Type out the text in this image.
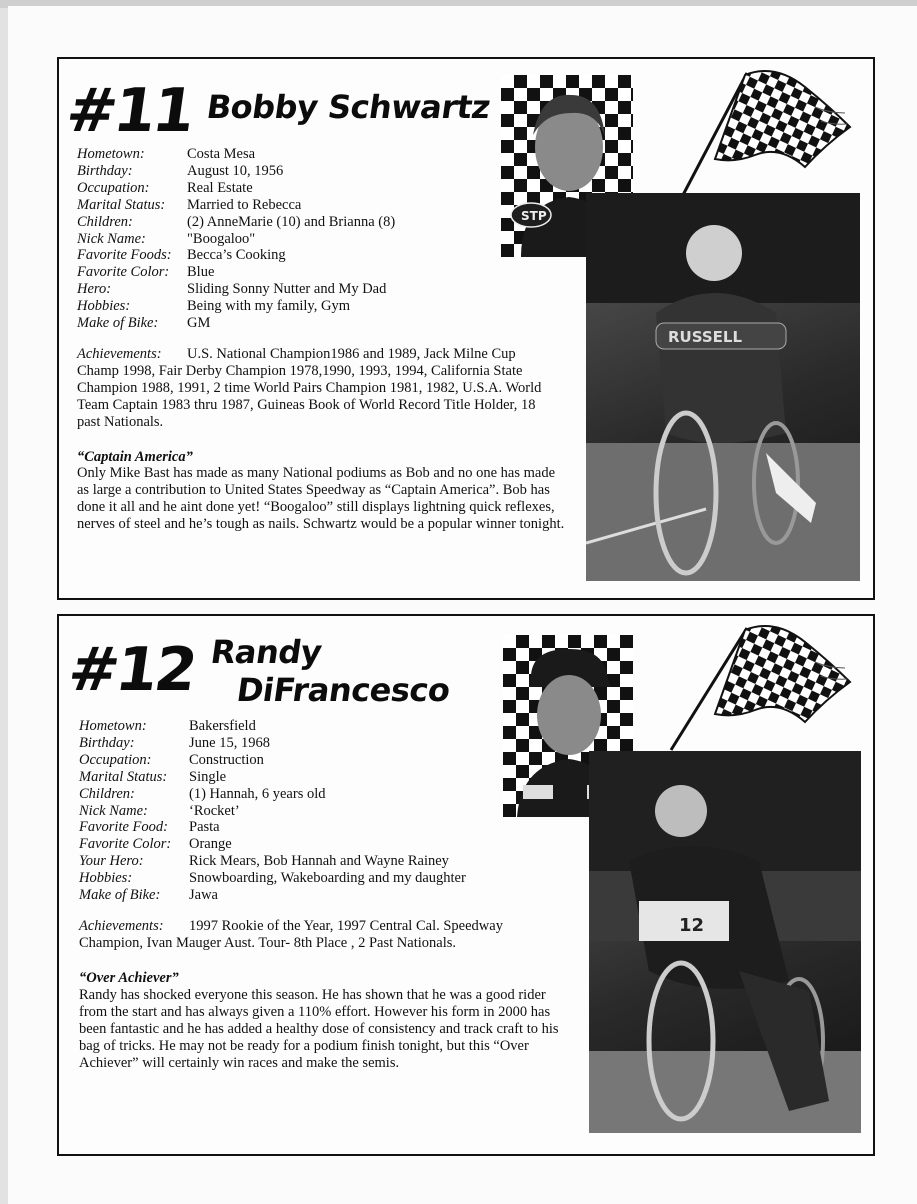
#11 Bobby Schwartz
Hometown:	Costa Mesa
Birthday:	August 10, 1956
Occupation:	Real Estate
Marital Status:	Married to Rebecca
Children:	(2) AnneMarie (10) and Brianna (8)
Nick Name:	"Boogaloo"
Favorite Foods:	Becca’s Cooking
Favorite Color:	Blue
Hero:	Sliding Sonny Nutter and My Dad
Hobbies:	Being with my family, Gym
Make of Bike:	GM
Achievements: U.S. National Champion1986 and 1989, Jack Milne Cup Champ 1998, Fair Derby Champion 1978,1990, 1993, 1994, California State Champion 1988, 1991, 2 time World Pairs Champion 1981, 1982, U.S.A. World Team Captain 1983 thru 1987, Guineas Book of World Record Title Holder, 18 past Nationals.
“Captain America”
Only Mike Bast has made as many National podiums as Bob and no one has made as large a contribution to United States Speedway as “Captain America”. Bob has done it all and he aint done yet! “Boogaloo” still displays lightning quick reflexes, nerves of steel and he’s tough as nails. Schwartz would be a popular winner tonight.
STP
RUSSELL
#12 Randy
DiFrancesco
Hometown:	Bakersfield
Birthday:	June 15, 1968
Occupation:	Construction
Marital Status:	Single
Children:	(1) Hannah, 6 years old
Nick Name:	‘Rocket’
Favorite Food:	Pasta
Favorite Color:	Orange
Your Hero:	Rick Mears, Bob Hannah and Wayne Rainey
Hobbies:	Snowboarding, Wakeboarding and my daughter
Make of Bike:	Jawa
Achievements: 1997 Rookie of the Year, 1997 Central Cal. Speedway Champion, Ivan Mauger Aust. Tour- 8th Place , 2 Past Nationals.
“Over Achiever”
Randy has shocked everyone this season. He has shown that he was a good rider from the start and has always given a 110% effort. However his form in 2000 has been fantastic and he has added a healthy dose of consistency and track craft to his bag of tricks. He may not be ready for a podium finish tonight, but this “Over Achiever” will certainly win races and make the semis.
12
